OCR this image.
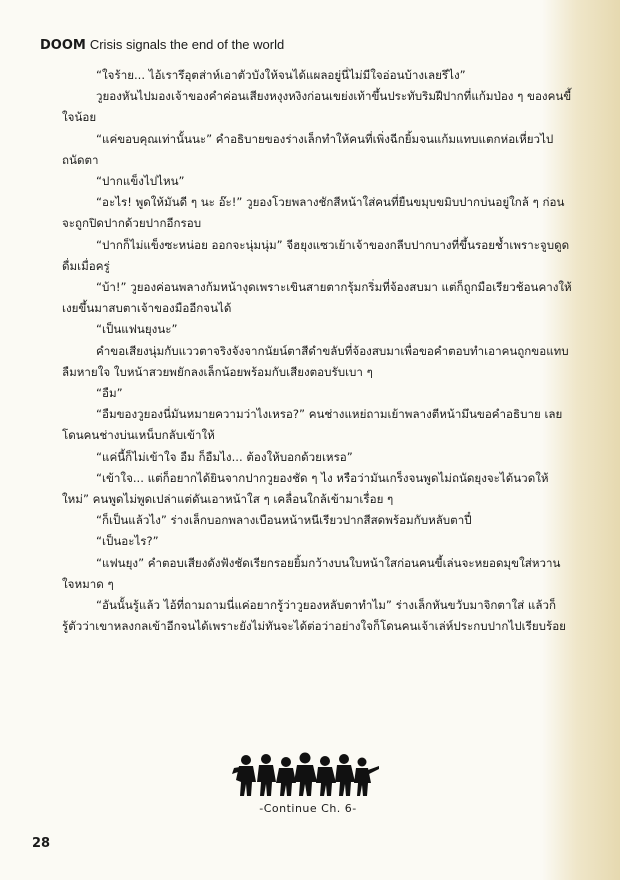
DOOM Crisis signals the end of the world

“ใจร้าย... ไอ้เรารึอุตส่าห์เอาตัวบังให้จนได้แผลอยู่นี่ไม่มีใจอ่อนบ้างเลยรึไง”

วูยองหันไปมองเจ้าของคำค่อนเสียงหงุงหงิงก่อนเขย่งเท้าขึ้นประทับริมฝีปากที่แก้มป่อง ๆ ของคนขี้ใจน้อย

“แค่ขอบคุณเท่านั้นนะ” คำอธิบายของร่างเล็กทำให้คนที่เพิ่งฉีกยิ้มจนแก้มแทบแตกห่อเหี่ยวไปถนัดตา

“ปากแข็งไปไหน”

“อะไร! พูดให้มันดี ๆ นะ อ๊ะ!” วูยองโวยพลางชักสีหน้าใส่คนที่ยืนขมุบขมิบปากบ่นอยู่ใกล้ ๆ ก่อนจะถูกปิดปากด้วยปากอีกรอบ

“ปากก็ไม่แข็งซะหน่อย ออกจะนุ่มนุ่ม” จีฮยุงแซวเย้าเจ้าของกลีบปากบางที่ขึ้นรอยช้ำเพราะจูบดูดดื่มเมื่อครู่

“บ้า!” วูยองค่อนพลางก้มหน้างุดเพราะเขินสายตากรุ้มกริ่มที่จ้องสบมา แต่ก็ถูกมือเรียวช้อนคางให้เงยขึ้นมาสบตาเจ้าของมืออีกจนได้

“เป็นแฟนยุงนะ”

คำขอเสียงนุ่มกับแววตาจริงจังจากนัยน์ตาสีดำขลับที่จ้องสบมาเพื่อขอคำตอบทำเอาคนถูกขอแทบลืมหายใจ ใบหน้าสวยพยักลงเล็กน้อยพร้อมกับเสียงตอบรับเบา ๆ

“อืม”

“อืมของวูยองนี่มันหมายความว่าไงเหรอ?” คนช่างแหย่ถามเย้าพลางตีหน้ามึนขอคำอธิบาย เลยโดนคนช่างบ่นเหน็บกลับเข้าให้

“แค่นี้ก็ไม่เข้าใจ อืม ก็อืมไง... ต้องให้บอกด้วยเหรอ”

“เข้าใจ... แต่ก็อยากได้ยินจากปากวูยองชัด ๆ ไง หรือว่ามันเกร็งจนพูดไม่ถนัดยุงจะได้นวดให้ใหม่” คนพูดไม่พูดเปล่าแต่ดันเอาหน้าใส ๆ เคลื่อนใกล้เข้ามาเรื่อย ๆ

“ก็เป็นแล้วไง” ร่างเล็กบอกพลางเบือนหน้าหนีเรียวปากสีสดพร้อมกับหลับตาปี๋

“เป็นอะไร?”

“แฟนยุง” คำตอบเสียงดังฟังชัดเรียกรอยยิ้มกว้างบนใบหน้าใสก่อนคนขี้เล่นจะหยอดมุขใส่หวานใจหมาด ๆ

“อันนั้นรู้แล้ว ไอ้ที่ถามถามนี่แค่อยากรู้ว่าวูยองหลับตาทำไม” ร่างเล็กหันขวับมาจิกตาใส่ แล้วก็รู้ตัวว่าเขาหลงกลเข้าอีกจนได้เพราะยังไม่ทันจะได้ต่อว่าอย่างใจก็โดนคนเจ้าเล่ห์ประกบปากไปเรียบร้อย

-Continue Ch. 6-
28
